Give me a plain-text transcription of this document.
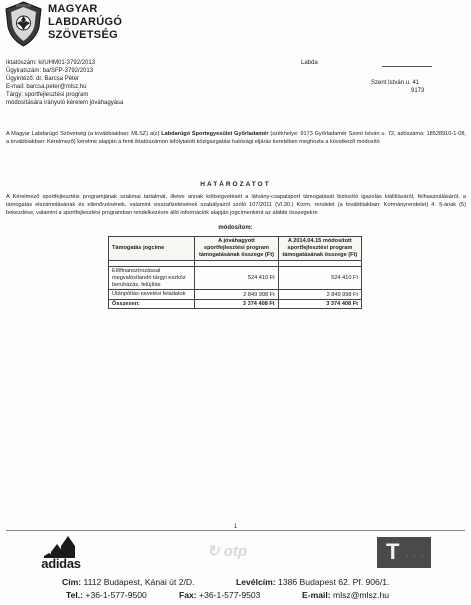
MAGYAR
LABDARÚGÓ
SZÖVETSÉG
Iktatószám: ki/UHM01-3792/2013
Ügyiratszám: ba/SFP-3792/2013
Ügyintéző: dr. Barcsa Péter
E-mail: barcsa.peter@mlsz.hu
Tárgy: sportfejlesztési program
módosítására irányuló kérelem jóváhagyása
Labda
Szent István u. 41
9173
A Magyar Labdarúgó Szövetség (a továbbiakban: MLSZ) a(z) Labdarúgó Sportegyesület Győrladamér (székhelye: 9173 Győrladamér Szent István u. 72, adószáma: 18528910-1-08, a továbbiakban: Kérelmező) kérelme alapján a fenti iktatószámon lefolytatott közigazgatási hatósági eljárás keretében meghozta a következő módosító
HATÁROZATOT
A Kérelmező sportfejlesztési programjának szakmai tartalmát, illetve annak költségvetését a látvány-csapatsport támogatását biztosító igazolás kiállításáról, felhasználásáról, a támogatás elszámolásának és ellenőrzésének, valamint visszafizetésének szabályairól szóló 107/2011 (VI.30.) Korm. rendelet (a továbbiakban: Kormányrendelet) 4. §-ának (5) bekezdése, valamint a sportfejlesztési programban rendelkezésre álló információk alapján jogcímenként az alábbi összegekre
módosítom:
Támogatás jogcíme	A jóváhagyott sportfejlesztési program támogatásának összege (Ft)	A 2014.04.15 módosított sportfejlesztési program támogatásának összege (Ft)

Előfinanszírozással megvalósítandó tárgyi eszköz beruházás, felújítás	524 410 Ft	524 410 Ft
Utánpótlás-nevelési feladatok	2 849 998 Ft	2 849 998 Ft
Összesen:	3 374 408 Ft	3 374 408 Ft
1
adidas
↻ otp	T · · ·
Cím: 1112 Budapest, Kánai út 2/D.	Levélcím: 1386 Budapest 62. Pf. 906/1.
Tel.: +36-1-577-9500	Fax: +36-1-577-9503	E-mail: mlsz@mlsz.hu
